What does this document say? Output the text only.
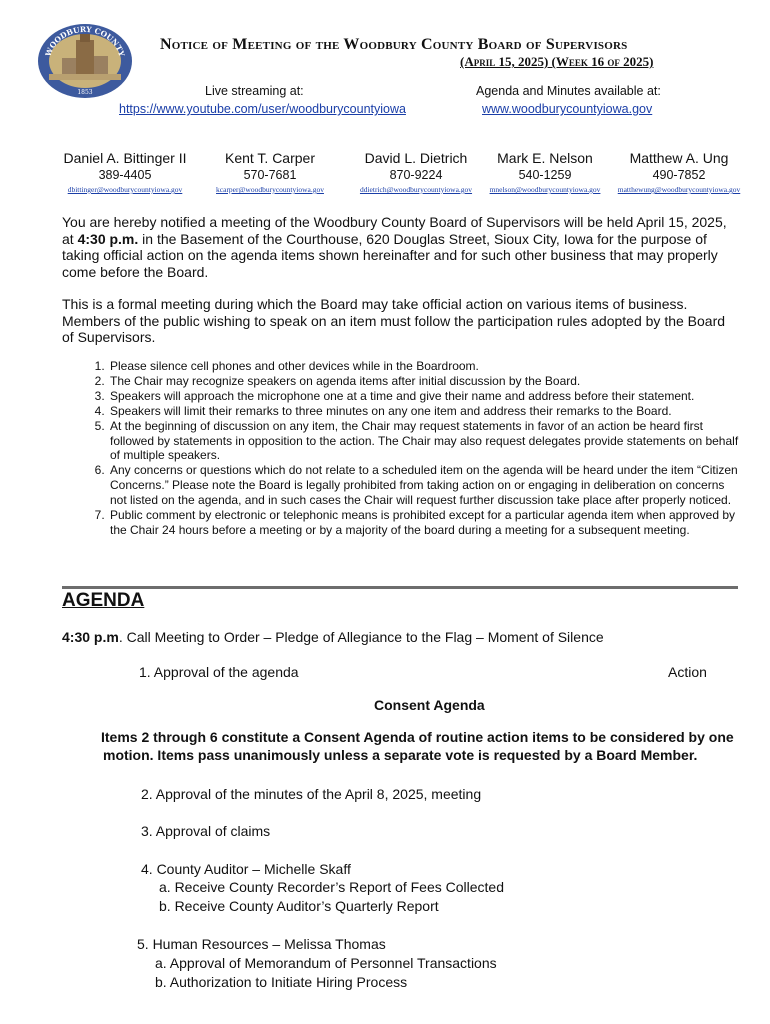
WOODBURY COUNTY
1853
Notice of Meeting of the Woodbury County Board of Supervisors
(April 15, 2025) (Week 16 of 2025)
Live streaming at:
https://www.youtube.com/user/woodburycountyiowa
Agenda and Minutes available at:
www.woodburycountyiowa.gov
Daniel A. Bittinger II
389-4405
dbittinger@woodburycountyiowa.gov
Kent T. Carper
570-7681
kcarper@woodburycountyiowa.gov
David L. Dietrich
870-9224
ddietrich@woodburycountyiowa.gov
Mark E. Nelson
540-1259
mnelson@woodburycountyiowa.gov
Matthew A. Ung
490-7852
matthewung@woodburycountyiowa.gov
You are hereby notified a meeting of the Woodbury County Board of Supervisors will be held April 15, 2025, at 4:30 p.m. in the Basement of the Courthouse, 620 Douglas Street, Sioux City, Iowa for the purpose of taking official action on the agenda items shown hereinafter and for such other business that may properly come before the Board.
This is a formal meeting during which the Board may take official action on various items of business. Members of the public wishing to speak on an item must follow the participation rules adopted by the Board of Supervisors.
1. Please silence cell phones and other devices while in the Boardroom.
2. The Chair may recognize speakers on agenda items after initial discussion by the Board.
3. Speakers will approach the microphone one at a time and give their name and address before their statement.
4. Speakers will limit their remarks to three minutes on any one item and address their remarks to the Board.
5. At the beginning of discussion on any item, the Chair may request statements in favor of an action be heard first followed by statements in opposition to the action. The Chair may also request delegates provide statements on behalf of multiple speakers.
6. Any concerns or questions which do not relate to a scheduled item on the agenda will be heard under the item “Citizen Concerns.” Please note the Board is legally prohibited from taking action on or engaging in deliberation on concerns not listed on the agenda, and in such cases the Chair will request further discussion take place after properly noticed.
7. Public comment by electronic or telephonic means is prohibited except for a particular agenda item when approved by the Chair 24 hours before a meeting or by a majority of the board during a meeting for a subsequent meeting.
AGENDA
4:30 p.m. Call Meeting to Order – Pledge of Allegiance to the Flag – Moment of Silence
1. Approval of the agenda	Action
Consent Agenda
Items 2 through 6 constitute a Consent Agenda of routine action items to be considered by one
motion. Items pass unanimously unless a separate vote is requested by a Board Member.
2. Approval of the minutes of the April 8, 2025, meeting
3. Approval of claims
4. County Auditor – Michelle Skaff
a. Receive County Recorder’s Report of Fees Collected
b. Receive County Auditor’s Quarterly Report
5. Human Resources – Melissa Thomas
a. Approval of Memorandum of Personnel Transactions
b. Authorization to Initiate Hiring Process
